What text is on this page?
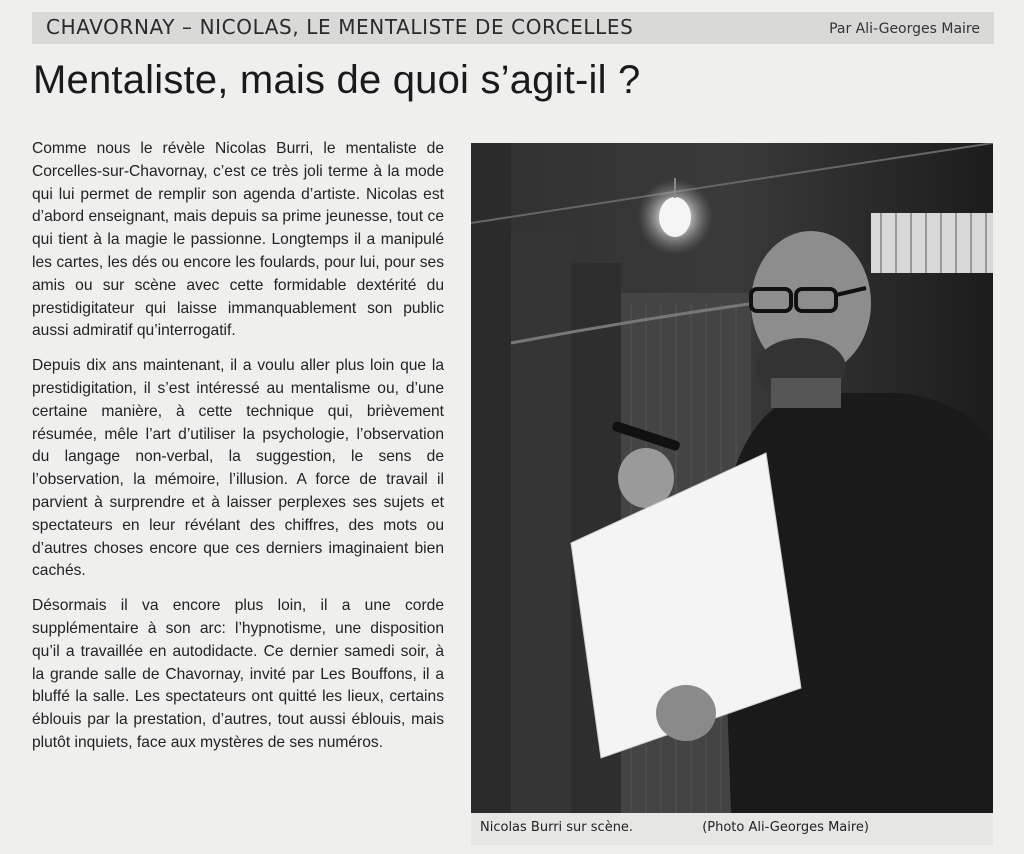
CHAVORNAY – NICOLAS, LE MENTALISTE DE CORCELLES	Par Ali-Georges Maire
Mentaliste, mais de quoi s’agit-il ?

Comme nous le révèle Nicolas Burri, le mentaliste de Corcelles-sur-Chavornay, c’est ce très joli terme à la mode qui lui permet de remplir son agenda d’artiste. Nicolas est d’abord enseignant, mais depuis sa prime jeunesse, tout ce qui tient à la magie le passionne. Longtemps il a manipulé les cartes, les dés ou encore les foulards, pour lui, pour ses amis ou sur scène avec cette formidable dextérité du prestidigitateur qui laisse immanquablement son public aussi admiratif qu’interrogatif.

Depuis dix ans maintenant, il a voulu aller plus loin que la prestidigitation, il s’est intéressé au mentalisme ou, d’une certaine manière, à cette technique qui, brièvement résumée, mêle l’art d’utiliser la psychologie, l’observation du langage non-verbal, la suggestion, le sens de l’observation, la mémoire, l’illusion. A force de travail il parvient à surprendre et à laisser perplexes ses sujets et spectateurs en leur révélant des chiffres, des mots ou d’autres choses encore que ces derniers imaginaient bien cachés.

Désormais il va encore plus loin, il a une corde supplémentaire à son arc: l’hypnotisme, une disposition qu’il a travaillée en autodidacte. Ce dernier samedi soir, à la grande salle de Chavornay, invité par Les Bouffons, il a bluffé la salle. Les spectateurs ont quitté les lieux, certains éblouis par la prestation, d’autres, tout aussi éblouis, mais plutôt inquiets, face aux mystères de ses numéros.

Nicolas Burri sur scène.	(Photo Ali-Georges Maire)
